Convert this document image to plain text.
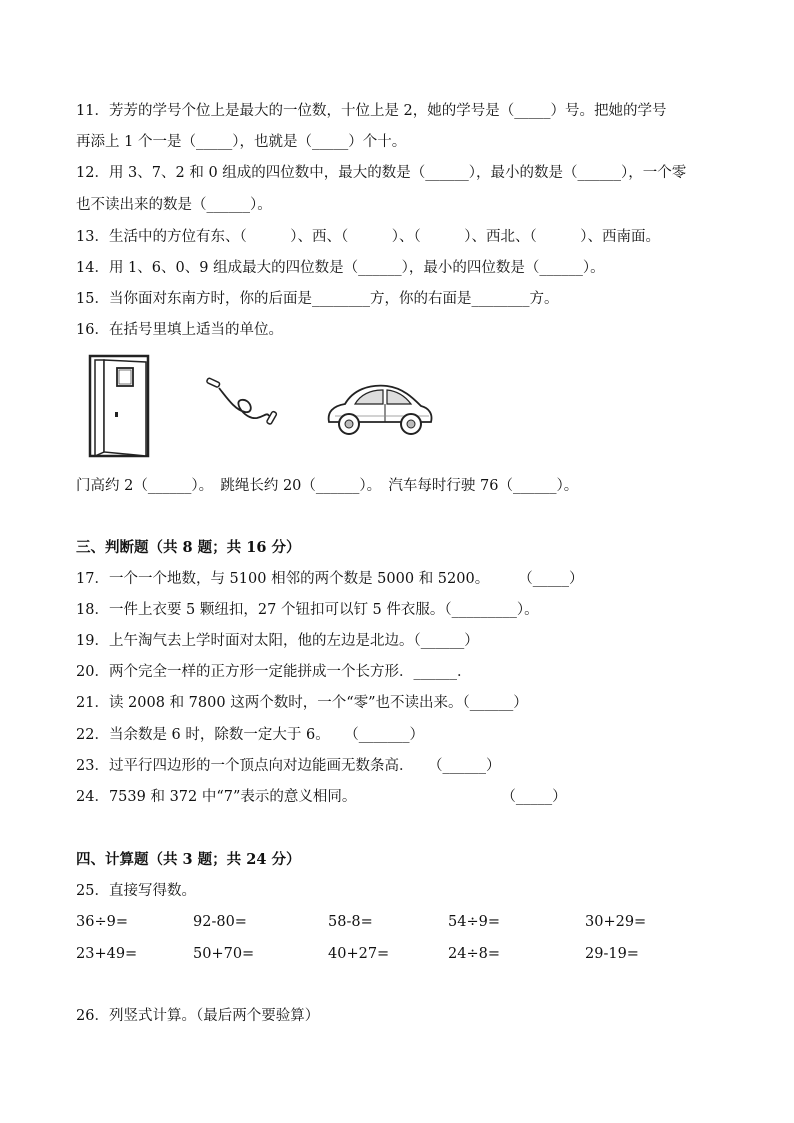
11．芳芳的学号个位上是最大的一位数，十位上是 2，她的学号是（_____）号。把她的学号
再添上 1 个一是（_____），也就是（_____）个十。
12．用 3、7、2 和 0 组成的四位数中，最大的数是（______），最小的数是（______），一个零
也不读出来的数是（______）。
13．生活中的方位有东、（　　　）、西、（　　　）、（　　　）、西北、（　　　）、西南面。
14．用 1、6、0、9 组成最大的四位数是（______），最小的四位数是（______）。
15．当你面对东南方时，你的后面是________方，你的右面是________方。
16．在括号里填上适当的单位。
门高约 2（______）。　跳绳长约 20（______）。　汽车每时行驶 76（______）。
三、判断题（共 8 题；共 16 分）
17．一个一个地数，与 5100 相邻的两个数是 5000 和 5200。　　　（_____）
18．一件上衣要 5 颗纽扣，27 个钮扣可以钉 5 件衣服。（_________）。
19．上午淘气去上学时面对太阳，他的左边是北边。（______）
20．两个完全一样的正方形一定能拼成一个长方形．______．
21．读 2008 和 7800 这两个数时，一个“零”也不读出来。（______）
22．当余数是 6 时，除数一定大于 6。　　（_______）
23．过平行四边形的一个顶点向对边能画无数条高．　　（______）
24．7539 和 372 中“7”表示的意义相同。　　　　　　　　　　　（_____）
四、计算题（共 3 题；共 24 分）
25．直接写得数。
36÷9=	92-80=	58-8=	54÷9=	30+29=
23+49=	50+70=	40+27=	24÷8=	29-19=
26．列竖式计算。（最后两个要验算）
